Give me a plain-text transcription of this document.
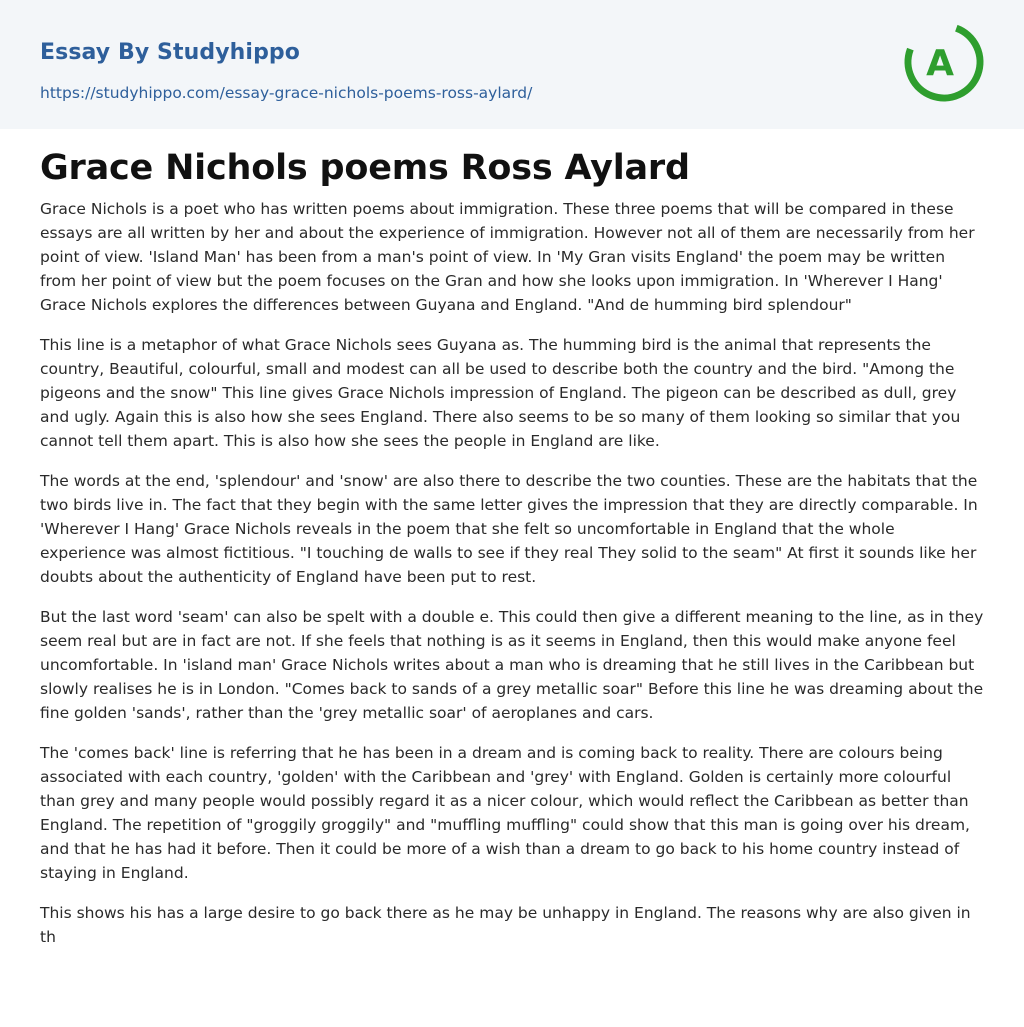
Essay By Studyhippo
https://studyhippo.com/essay-grace-nichols-poems-ross-aylard/
A
Grace Nichols poems Ross Aylard

Grace Nichols is a poet who has written poems about immigration. These three poems that will be compared in these essays are all written by her and about the experience of immigration. However not all of them are necessarily from her point of view. 'Island Man' has been from a man's point of view. In 'My Gran visits England' the poem may be written from her point of view but the poem focuses on the Gran and how she looks upon immigration. In 'Wherever I Hang' Grace Nichols explores the differences between Guyana and England. "And de humming bird splendour"

This line is a metaphor of what Grace Nichols sees Guyana as. The humming bird is the animal that represents the country, Beautiful, colourful, small and modest can all be used to describe both the country and the bird. "Among the pigeons and the snow" This line gives Grace Nichols impression of England. The pigeon can be described as dull, grey and ugly. Again this is also how she sees England. There also seems to be so many of them looking so similar that you cannot tell them apart. This is also how she sees the people in England are like.

The words at the end, 'splendour' and 'snow' are also there to describe the two counties. These are the habitats that the two birds live in. The fact that they begin with the same letter gives the impression that they are directly comparable. In 'Wherever I Hang' Grace Nichols reveals in the poem that she felt so uncomfortable in England that the whole experience was almost fictitious. "I touching de walls to see if they real They solid to the seam" At first it sounds like her doubts about the authenticity of England have been put to rest.

But the last word 'seam' can also be spelt with a double e. This could then give a different meaning to the line, as in they seem real but are in fact are not. If she feels that nothing is as it seems in England, then this would make anyone feel uncomfortable. In 'island man' Grace Nichols writes about a man who is dreaming that he still lives in the Caribbean but slowly realises he is in London. "Comes back to sands of a grey metallic soar" Before this line he was dreaming about the fine golden 'sands', rather than the 'grey metallic soar' of aeroplanes and cars.

The 'comes back' line is referring that he has been in a dream and is coming back to reality. There are colours being associated with each country, 'golden' with the Caribbean and 'grey' with England. Golden is certainly more colourful than grey and many people would possibly regard it as a nicer colour, which would reflect the Caribbean as better than England. The repetition of "groggily groggily" and "muffling muffling" could show that this man is going over his dream, and that he has had it before. Then it could be more of a wish than a dream to go back to his home country instead of staying in England.

This shows his has a large desire to go back there as he may be unhappy in England. The reasons why are also given in th
